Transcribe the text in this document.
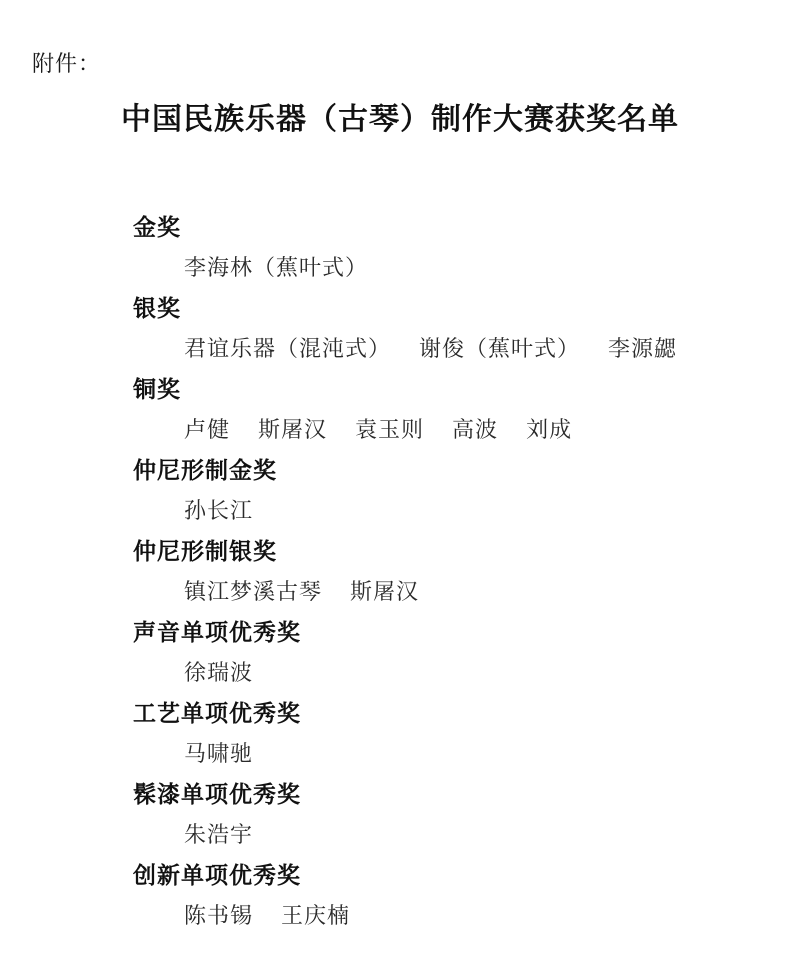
附件：
中国民族乐器（古琴）制作大赛获奖名单
金奖
李海林（蕉叶式）
银奖
君谊乐器（混沌式） 谢俊（蕉叶式） 李源勰
铜奖
卢健 斯屠汉 袁玉则 高波 刘成
仲尼形制金奖
孙长江
仲尼形制银奖
镇江梦溪古琴 斯屠汉
声音单项优秀奖
徐瑞波
工艺单项优秀奖
马啸驰
髹漆单项优秀奖
朱浩宇
创新单项优秀奖
陈书锡 王庆楠
